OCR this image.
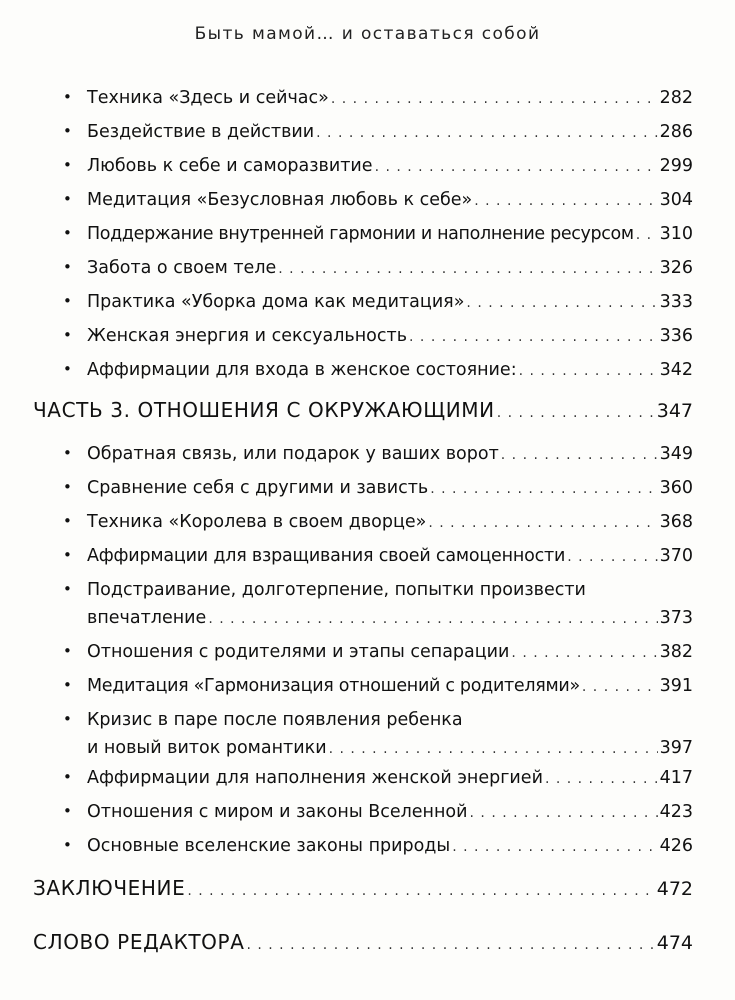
Быть мамой… и оставаться собой
• Техника «Здесь и сейчас» . . .	282
• Бездействие в действии . . .	286
• Любовь к себе и саморазвитие . . .	299
• Медитация «Безусловная любовь к себе» . . .	304
• Поддержание внутренней гармонии и наполнение ресурсом . . . 310
• Забота о своем теле . . .	326
• Практика «Уборка дома как медитация» . . .	333
• Женская энергия и сексуальность . . .	336
• Аффирмации для входа в женское состояние: . . .	342
ЧАСТЬ 3. ОТНОШЕНИЯ С ОКРУЖАЮЩИМИ . . .	347
• Обратная связь, или подарок у ваших ворот . . .	349
• Сравнение себя с другими и зависть . . .	360
• Техника «Королева в своем дворце» . . .	368
• Аффирмации для взращивания своей самоценности . . .	370
• Подстраивание, долготерпение, попытки произвести
впечатление . . .	373
• Отношения с родителями и этапы сепарации . . .	382
• Медитация «Гармонизация отношений с родителями» . . .	391
• Кризис в паре после появления ребенка
и новый виток романтики . . .	397
• Аффирмации для наполнения женской энергией . . .	417
• Отношения с миром и законы Вселенной . . .	423
• Основные вселенские законы природы . . .	426
ЗАКЛЮЧЕНИЕ . . .	472
СЛОВО РЕДАКТОРА . . .	474
